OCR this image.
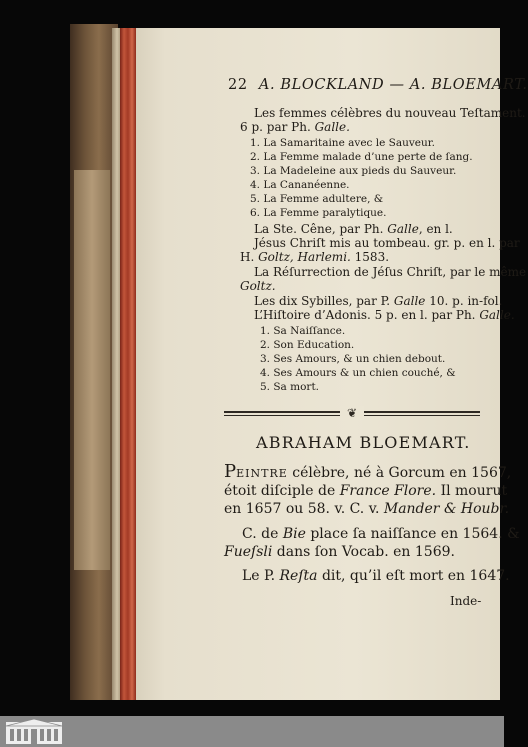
22 A. BLOCKLAND — A. BLOEMART.
Les femmes célèbres du nouveau Teſtament.
6 p. par Ph. Galle.
1. La Samaritaine avec le Sauveur.
2. La Femme malade d’une perte de ſang.
3. La Madeleine aux pieds du Sauveur.
4. La Cananéenne.
5. La Femme adultere, &
6. La Femme paralytique.
La Ste. Cêne, par Ph. Galle, en l.
Jésus Chriſt mis au tombeau. gr. p. en l. par
H. Goltz, Harlemi. 1583.
La Réſurrection de Jéſus Chriſt, par le même
Goltz.
Les dix Sybilles, par P. Galle 10. p. in-fol.
L’Hiſtoire d’Adonis. 5 p. en l. par Ph. Galle.
1. Sa Naiſſance.
2. Son Education.
3. Ses Amours, & un chien debout.
4. Ses Amours & un chien couché, &
5. Sa mort.
❦
ABRAHAM BLOEMART.
PEINTRE célèbre, né à Gorcum en 1567,
étoit diſciple de France Flore. Il mourut
en 1657 ou 58. v. C. v. Mander & Houbr.
C. de Bie place ſa naiſſance en 1564. &
Fueſsli dans ſon Vocab. en 1569.
Le P. Reſta dit, qu’il eſt mort en 1647.
Inde-
